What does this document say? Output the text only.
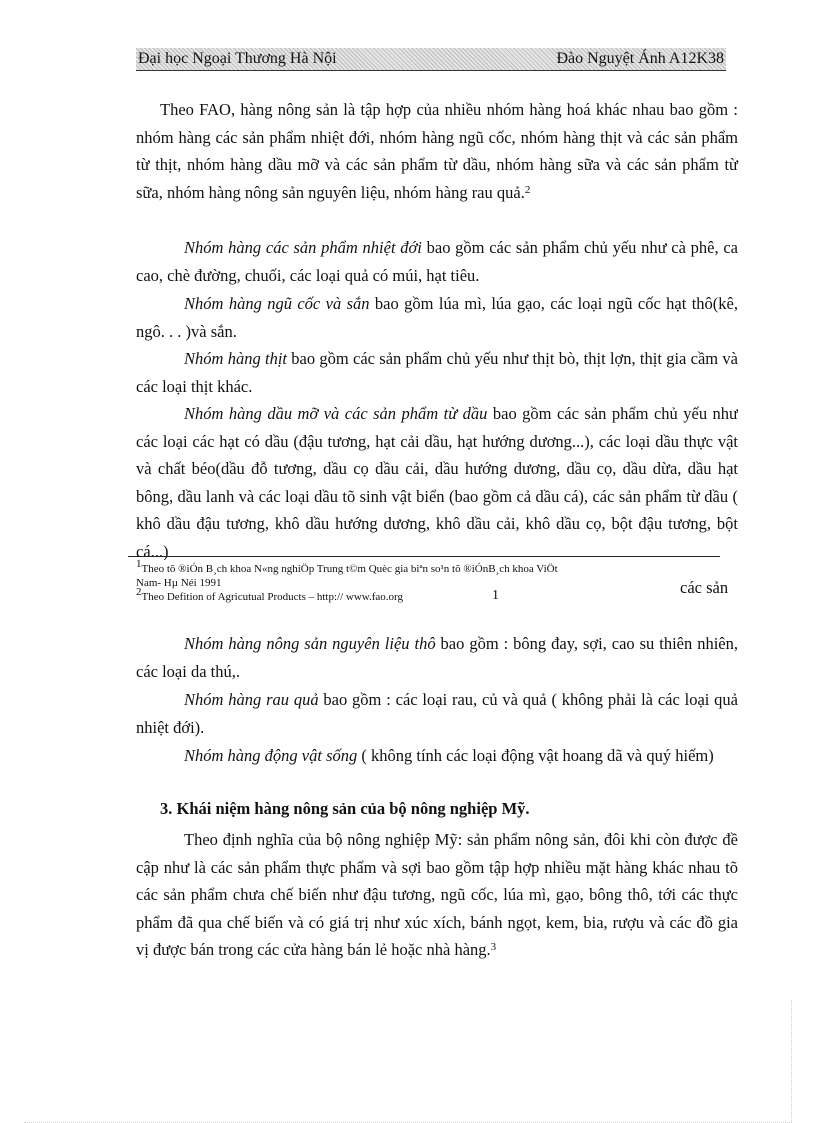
Đại học Ngoại Thương Hà Nội	Đào Nguyệt Ánh A12K38

Theo FAO, hàng nông sản là tập hợp của nhiều nhóm hàng hoá khác nhau bao gồm : nhóm hàng các sản phẩm nhiệt đới, nhóm hàng ngũ cốc, nhóm hàng thịt và các sản phẩm từ thịt, nhóm hàng dầu mỡ và các sản phẩm từ dầu, nhóm hàng sữa và các sản phẩm từ sữa, nhóm hàng nông sản nguyên liệu, nhóm hàng rau quả.$^2$

Nhóm hàng các sản phẩm nhiệt đới bao gồm các sản phẩm chủ yếu như cà phê, ca cao, chè đường, chuối, các loại quả có múi, hạt tiêu.

Nhóm hàng ngũ cốc và sắn bao gồm lúa mì, lúa gạo, các loại ngũ cốc hạt thô(kê, ngô. . . )và sắn.

Nhóm hàng thịt bao gồm các sản phẩm chủ yếu như thịt bò, thịt lợn, thịt gia cầm và các loại thịt khác.

Nhóm hàng dầu mỡ và các sản phẩm từ dầu bao gồm các sản phẩm chủ yếu như các loại các hạt có dầu (đậu tương, hạt cải dầu, hạt hướng dương...), các loại dầu thực vật và chất béo(dầu đỗ tương, dầu cọ dầu cải, dầu hướng dương, dầu cọ, dầu dừa, dầu hạt bông, dầu lanh và các loại dầu tõ sinh vật biển (bao gồm cả dầu cá), các sản phẩm từ dầu ( khô dầu đậu tương, khô dầu hướng dương, khô dầu cải, khô dầu cọ, bột đậu tương, bột cá...)

$^1$Theo tõ ®iÓn B¸ch khoa N«ng nghiÖp Trung t©m Quèc gia biªn so¹n tõ ®iÓnB¸ch khoa ViÖt
Nam- Hµ Néi 1991
$^2$Theo Defition of Agricutual Products – http:// www.fao.org	1	các sản

Nhóm hàng nông sản nguyên liệu thô bao gồm : bông đay, sợi, cao su thiên nhiên, các loại da thú,.

Nhóm hàng rau quả bao gồm : các loại rau, củ và quả ( không phải là các loại quả nhiệt đới).

Nhóm hàng động vật sống ( không tính các loại động vật hoang dã và quý hiếm)

3. Khái niệm hàng nông sản của bộ nông nghiệp Mỹ.

Theo định nghĩa của bộ nông nghiệp Mỹ: sản phẩm nông sản, đôi khi còn được đề cập như là các sản phẩm thực phẩm và sợi bao gồm tập hợp nhiều mặt hàng khác nhau tõ các sản phẩm chưa chế biến như đậu tương, ngũ cốc, lúa mì, gạo, bông thô, tới các thực phẩm đã qua chế biến và có giá trị như xúc xích, bánh ngọt, kem, bia, rượu và các đồ gia vị được bán trong các cửa hàng bán lẻ hoặc nhà hàng.$^3$
